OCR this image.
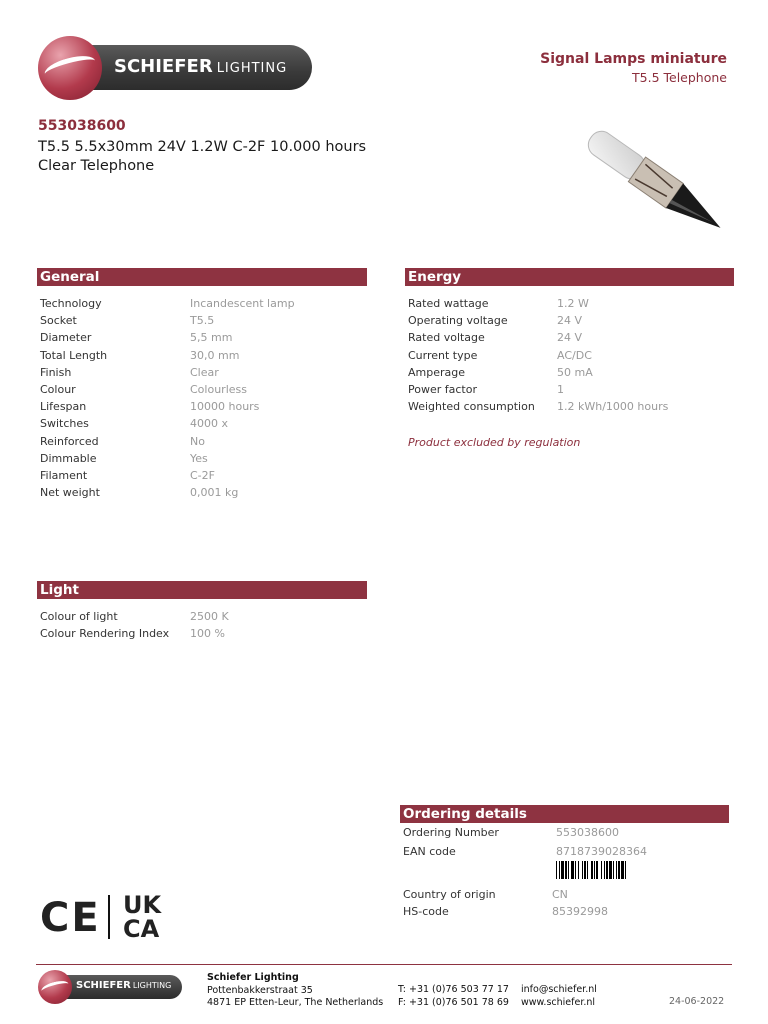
SCHIEFER LIGHTING
Signal Lamps miniature
T5.5 Telephone
553038600
T5.5 5.5x30mm 24V 1.2W C-2F 10.000 hours Clear Telephone
General
Technology	Incandescent lamp
Socket	T5.5
Diameter	5,5 mm
Total Length	30,0 mm
Finish	Clear
Colour	Colourless
Lifespan	10000 hours
Switches	4000 x
Reinforced	No
Dimmable	Yes
Filament	C-2F
Net weight	0,001 kg
Energy
Rated wattage	1.2 W
Operating voltage	24 V
Rated voltage	24 V
Current type	AC/DC
Amperage	50 mA
Power factor	1
Weighted consumption	1.2 kWh/1000 hours
Product excluded by regulation
Light
Colour of light	2500 K
Colour Rendering Index	100 %
Ordering details
Ordering Number	553038600
EAN code	8718739028364
Country of origin	CN
HS-code	85392998
CE UK
CA
SCHIEFER LIGHTING
Schiefer Lighting
Pottenbakkerstraat 35
4871 EP Etten-Leur, The Netherlands
T: +31 (0)76 503 77 17
F: +31 (0)76 501 78 69
info@schiefer.nl
www.schiefer.nl	24-06-2022
